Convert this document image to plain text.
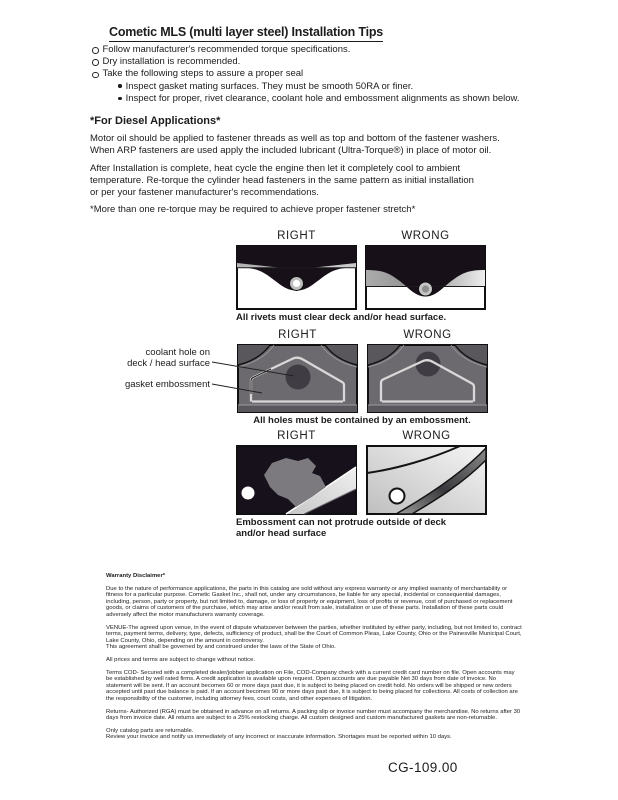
Cometic MLS (multi layer steel) Installation Tips
Follow manufacturer's recommended torque specifications.
Dry installation is recommended.
Take the following steps to assure a proper seal
Inspect gasket mating surfaces. They must be smooth 50RA or finer.
Inspect for proper, rivet clearance, coolant hole and embossment alignments as shown below.
*For Diesel Applications*
Motor oil should be applied to fastener threads as well as top and bottom of the fastener washers.
When ARP fasteners are used apply the included lubricant (Ultra-Torque®) in place of motor oil.
After Installation is complete, heat cycle the engine then let it completely cool to ambient
temperature. Re-torque the cylinder head fasteners in the same pattern as initial installation
or per your fastener manufacturer's recommendations.
*More than one re-torque may be required to achieve proper fastener stretch*
RIGHT	WRONG
All rivets must clear deck and/or head surface.
RIGHT	WRONG
All holes must be contained by an embossment.
coolant hole on
deck / head surface
gasket embossment
RIGHT	WRONG
Embossment can not protrude outside of deck
and/or head surface
Warranty Disclaimer*

Due to the nature of performance applications, the parts in this catalog are sold without any express warranty or any implied warranty of merchantability or fitness for a particular purpose. Cometic Gasket Inc., shall not, under any circumstances, be liable for any special, incidental or consequential damages, including, person, party or property, but not limited to, damage, or loss of property or equipment, loss of profits or revenue, cost of purchased or replacement goods, or claims of customers of the purchase, which may arise and/or result from sale, installation or use of these parts. Installation of these parts could adversely affect the motor manufacturers warranty coverage.

VENUE-The agreed upon venue, in the event of dispute whatsoever between the parties, whether instituted by either party, including, but not limited to, contract terms, payment terms, delivery, type, defects, sufficiency of product, shall be the Court of Common Pleas, Lake County, Ohio or the Painesville Municipal Court, Lake County, Ohio, depending on the amount in controversy.

This agreement shall be governed by and construed under the laws of the State of Ohio.

All prices and terms are subject to change without notice.

Terms COD- Secured with a completed dealer/jobber application on File, COD-Company check with a current credit card number on file. Open accounts may be established by well rated firms. A credit application is available upon request. Open accounts are due payable Net 30 days from date of invoice. No statement will be sent. If an account becomes 60 or more days past due, it is subject to being placed on credit hold. No orders will be shipped or new orders accepted until past due balance is paid. If an account becomes 90 or more days past due, it is subject to being placed for collections. All costs of collection are the responsibility of the customer, including attorney fees, court costs, and other expenses of litigation.

Returns- Authorized (RGA) must be obtained in advance on all returns. A packing slip or invoice number must accompany the merchandise. No returns after 30 days from invoice date. All returns are subject to a 25% restocking charge. All custom designed and custom manufactured gaskets are non-returnable.

Only catalog parts are returnable.

Review your invoice and notify us immediately of any incorrect or inaccurate information. Shortages must be reported within 10 days.

CG-109.00
